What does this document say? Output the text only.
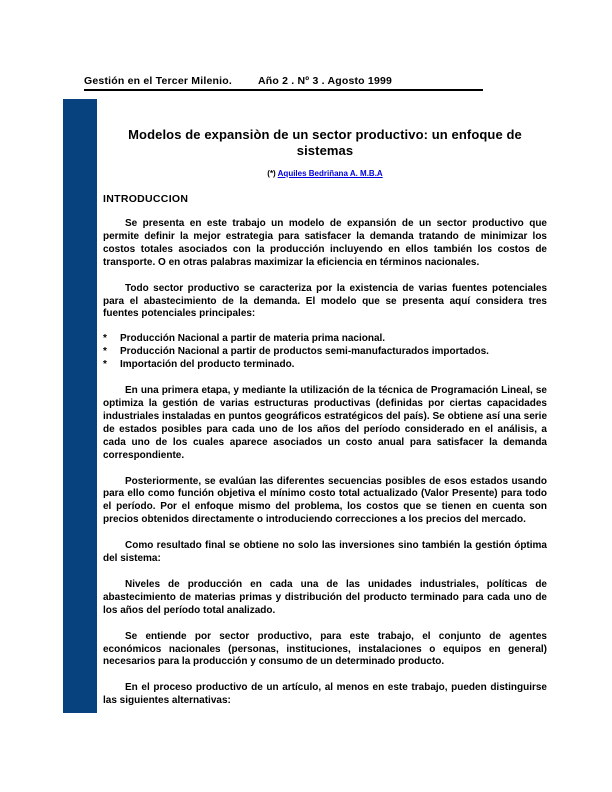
Gestión en el Tercer Milenio. Año 2 . Nº 3 . Agosto 1999
Modelos de expansiòn de un sector productivo: un enfoque de sistemas

(*) Aquiles Bedriñana A. M.B.A

INTRODUCCION

Se presenta en este trabajo un modelo de expansión de un sector productivo que permite definir la mejor estrategia para satisfacer la demanda tratando de minimizar los costos totales asociados con la producción incluyendo en ellos también los costos de transporte. O en otras palabras maximizar la eficiencia en términos nacionales.

Todo sector productivo se caracteriza por la existencia de varias fuentes potenciales para el abastecimiento de la demanda. El modelo que se presenta aquí considera tres fuentes potenciales principales:

*	Producción Nacional a partir de materia prima nacional.
*	Producción Nacional a partir de productos semi-manufacturados importados.
*	Importación del producto terminado.

En una primera etapa, y mediante la utilización de la técnica de Programación Lineal, se optimiza la gestión de varias estructuras productivas (definidas por ciertas capacidades industriales instaladas en puntos geográficos estratégicos del país). Se obtiene así una serie de estados posibles para cada uno de los años del período considerado en el análisis, a cada uno de los cuales aparece asociados un costo anual para satisfacer la demanda correspondiente.

Posteriormente, se evalúan las diferentes secuencias posibles de esos estados usando para ello como función objetiva el mínimo costo total actualizado (Valor Presente) para todo el período. Por el enfoque mismo del problema, los costos que se tienen en cuenta son precios obtenidos directamente o introduciendo correcciones a los precios del mercado.

Como resultado final se obtiene no solo las inversiones sino también la gestión óptima del sistema:

Niveles de producción en cada una de las unidades industriales, políticas de abastecimiento de materias primas y distribución del producto terminado para cada uno de los años del período total analizado.

Se entiende por sector productivo, para este trabajo, el conjunto de agentes económicos nacionales (personas, instituciones, instalaciones o equipos en general) necesarios para la producción y consumo de un determinado producto.

En el proceso productivo de un artículo, al menos en este trabajo, pueden distinguirse las siguientes alternativas:
